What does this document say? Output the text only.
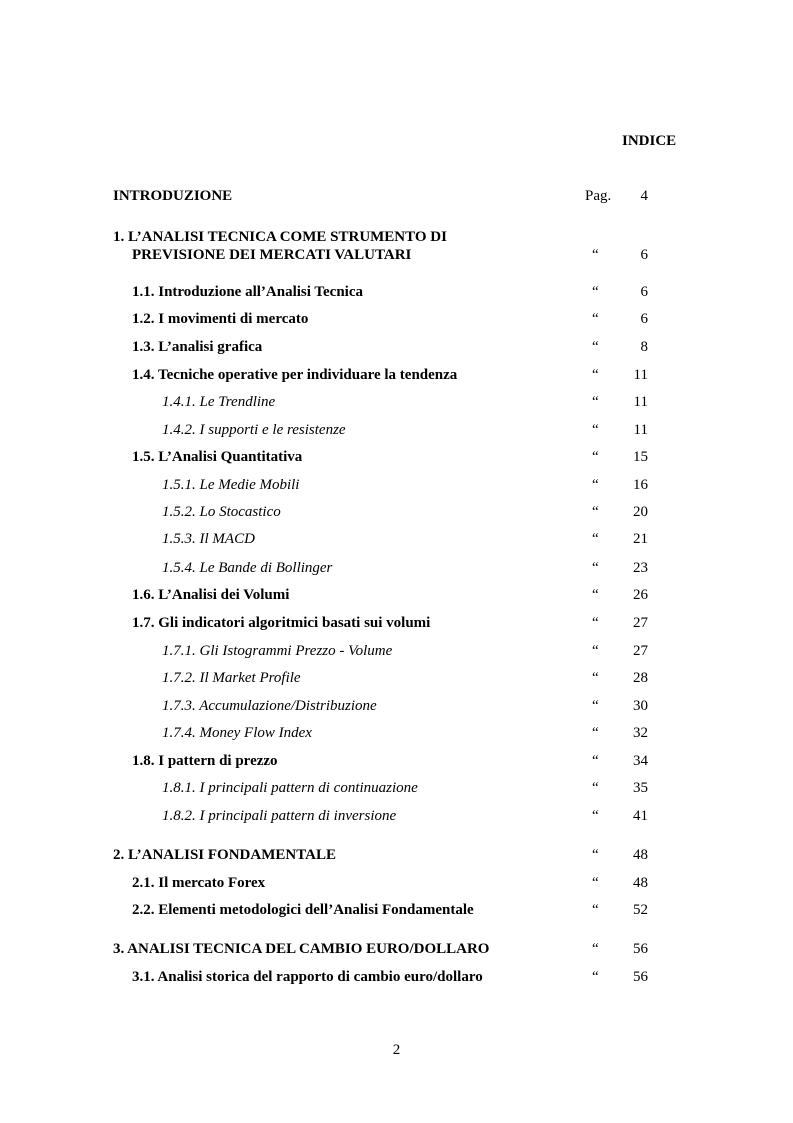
INDICE
INTRODUZIONE	Pag. 4
1. L’ANALISI TECNICA COME STRUMENTO DI
PREVISIONE DEI MERCATI VALUTARI	“	6
1.1. Introduzione all’Analisi Tecnica	“	6
1.2. I movimenti di mercato	“	6
1.3. L’analisi grafica	“	8
1.4. Tecniche operative per individuare la tendenza	“ 11
1.4.1. Le Trendline	“ 11
1.4.2. I supporti e le resistenze	“ 11
1.5. L’Analisi Quantitativa	“ 15
1.5.1. Le Medie Mobili	“ 16
1.5.2. Lo Stocastico	“ 20
1.5.3. Il MACD	“ 21
1.5.4. Le Bande di Bollinger	“ 23
1.6. L’Analisi dei Volumi	“ 26
1.7. Gli indicatori algoritmici basati sui volumi	“ 27
1.7.1. Gli Istogrammi Prezzo - Volume	“ 27
1.7.2. Il Market Profile	“ 28
1.7.3. Accumulazione/Distribuzione	“ 30
1.7.4. Money Flow Index	“ 32
1.8. I pattern di prezzo	“ 34
1.8.1. I principali pattern di continuazione	“ 35
1.8.2. I principali pattern di inversione	“ 41
2. L’ANALISI FONDAMENTALE	“ 48
2.1. Il mercato Forex	“ 48
2.2. Elementi metodologici dell’Analisi Fondamentale	“ 52
3. ANALISI TECNICA DEL CAMBIO EURO/DOLLARO	“ 56
3.1. Analisi storica del rapporto di cambio euro/dollaro	“ 56
2
